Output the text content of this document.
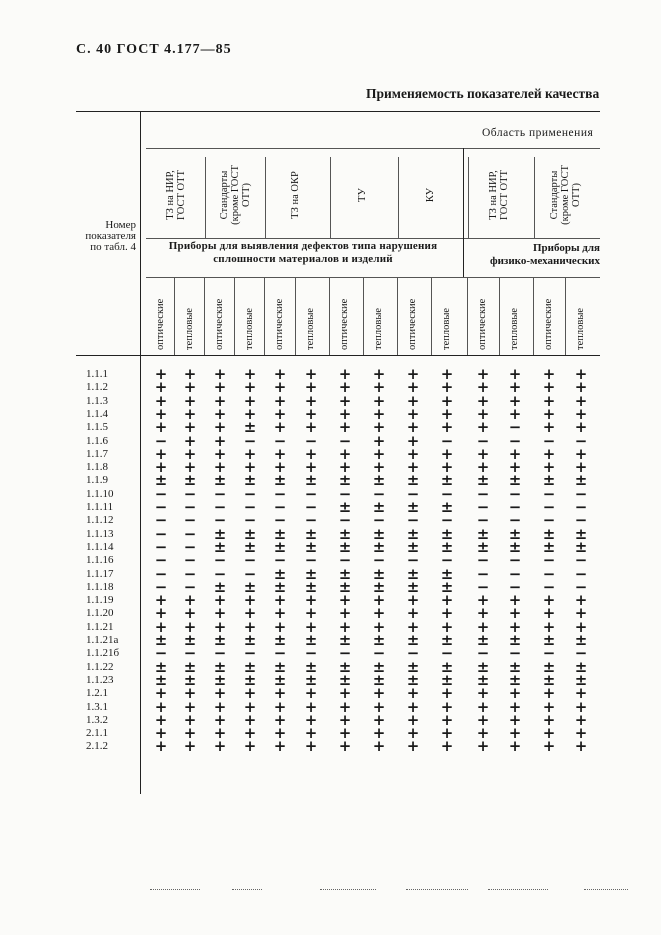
С. 40 ГОСТ 4.177—85
Применяемость показателей качества
Область применения
Номер
показателя
по табл. 4	Приборы для выявления дефектов типа нарушения
сплошности материалов и изделий
Приборы для
физико-механических
ТЗ на НИР, ГОСТ ОТТ	Стандарты (кроме ГОСТ ОТТ)	ТЗ на ОКР	ТУ	КУ	ТЗ на НИР, ГОСТ ОТТ	Стандарты (кроме ГОСТ ОТТ)
оптические тепловые оптические тепловые оптические тепловые оптические тепловые оптические тепловые оптические тепловые оптические тепловые
1.1.1	+	+	+	+	+	+	+	+	+	+	+	+	+	+
1.1.2	+	+	+	+	+	+	+	+	+	+	+	+	+	+
1.1.3	+	+	+	+	+	+	+	+	+	+	+	+	+	+
1.1.4	+	+	+	+	+	+	+	+	+	+	+	+	+	+
1.1.5	+	+	+	±	+	+	+	+	+	+	+	−	+	+
1.1.6	−	+	+	−	−	−	−	+	+	−	−	−	−	−
1.1.7	+	+	+	+	+	+	+	+	+	+	+	+	+	+
1.1.8	+	+	+	+	+	+	+	+	+	+	+	+	+	+
1.1.9	±	±	±	±	±	±	±	±	±	±	±	±	±	±
1.1.10	−	−	−	−	−	−	−	−	−	−	−	−	−	−
1.1.11	−	−	−	−	−	−	±	±	±	±	−	−	−	−
1.1.12	−	−	−	−	−	−	−	−	−	−	−	−	−	−
1.1.13	−	−	±	±	±	±	±	±	±	±	±	±	±	±
1.1.14	−	−	±	±	±	±	±	±	±	±	±	±	±	±
1.1.16	−	−	−	−	−	−	−	−	−	−	−	−	−	−
1.1.17	−	−	−	−	±	±	±	±	±	±	−	−	−	−
1.1.18	−	−	±	±	±	±	±	±	±	±	−	−	−	−
1.1.19	+	+	+	+	+	+	+	+	+	+	+	+	+	+
1.1.20	+	+	+	+	+	+	+	+	+	+	+	+	+	+
1.1.21	+	+	+	+	+	+	+	+	+	+	+	+	+	+
1.1.21а	±	±	±	±	±	±	±	±	±	±	±	±	±	±
1.1.21б	−	−	−	−	−	−	−	−	−	−	−	−	−	−
1.1.22	±	±	±	±	±	±	±	±	±	±	±	±	±	±
1.1.23	±	±	±	±	±	±	±	±	±	±	±	±	±	±
1.2.1	+	+	+	+	+	+	+	+	+	+	+	+	+	+
1.3.1	+	+	+	+	+	+	+	+	+	+	+	+	+	+
1.3.2	+	+	+	+	+	+	+	+	+	+	+	+	+	+
2.1.1	+	+	+	+	+	+	+	+	+	+	+	+	+	+
2.1.2	+	+	+	+	+	+	+	+	+	+	+	+	+	+
